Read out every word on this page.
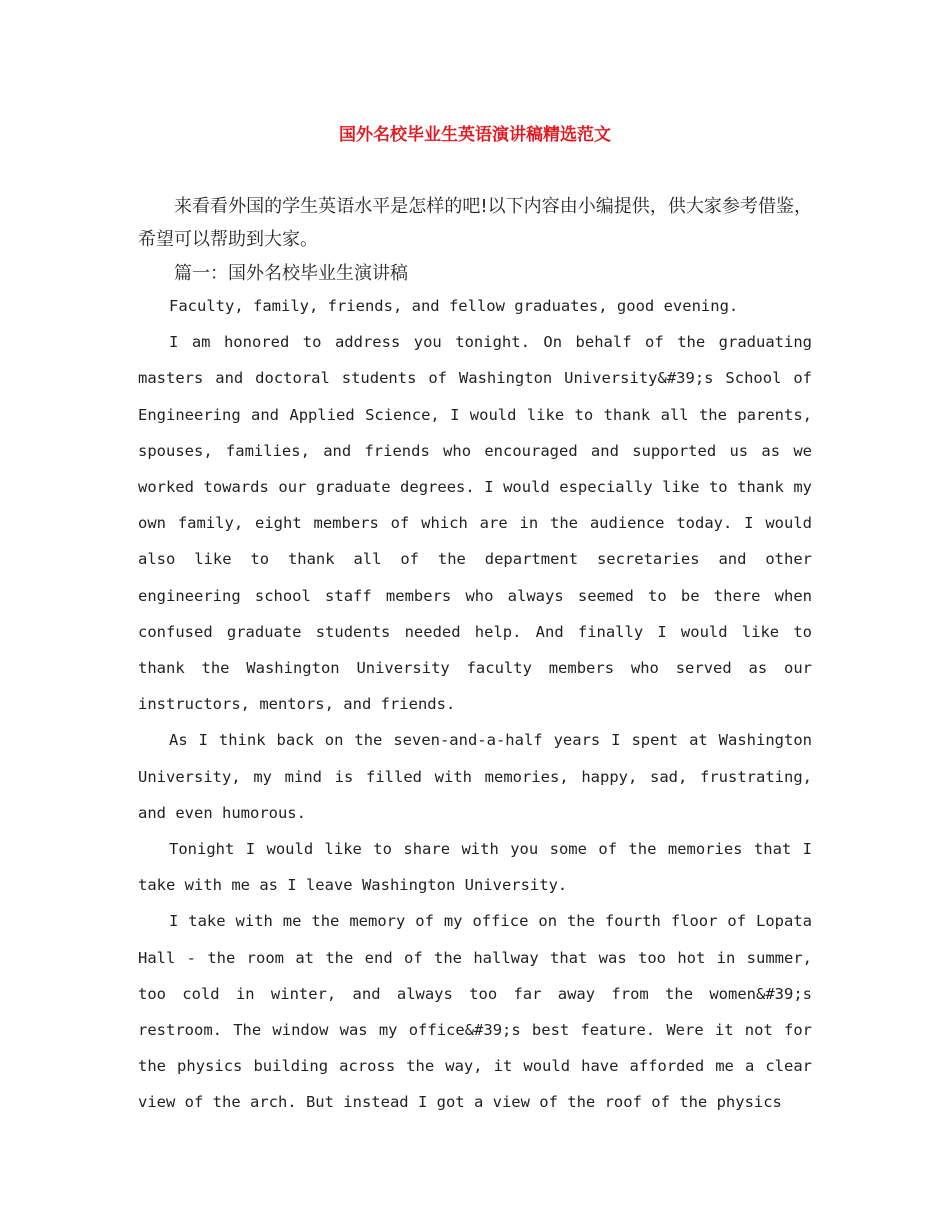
国外名校毕业生英语演讲稿精选范文

来看看外国的学生英语水平是怎样的吧!以下内容由小编提供，供大家参考借鉴，希望可以帮助到大家。

篇一：国外名校毕业生演讲稿

Faculty, family, friends, and fellow graduates, good evening.

I am honored to address you tonight. On behalf of the graduating masters and doctoral students of Washington University&#39;s School of Engineering and Applied Science, I would like to thank all the parents, spouses, families, and friends who encouraged and supported us as we worked towards our graduate degrees. I would especially like to thank my own family, eight members of which are in the audience today. I would also like to thank all of the department secretaries and other engineering school staff members who always seemed to be there when confused graduate students needed help. And finally I would like to thank the Washington University faculty members who served as our instructors, mentors, and friends.

As I think back on the seven-and-a-half years I spent at Washington University, my mind is filled with memories, happy, sad, frustrating, and even humorous.

Tonight I would like to share with you some of the memories that I take with me as I leave Washington University.

I take with me the memory of my office on the fourth floor of Lopata Hall - the room at the end of the hallway that was too hot in summer, too cold in winter, and always too far away from the women&#39;s restroom. The window was my office&#39;s best feature. Were it not for the physics building across the way, it would have afforded me a clear view of the arch. But instead I got a view of the roof of the physics
